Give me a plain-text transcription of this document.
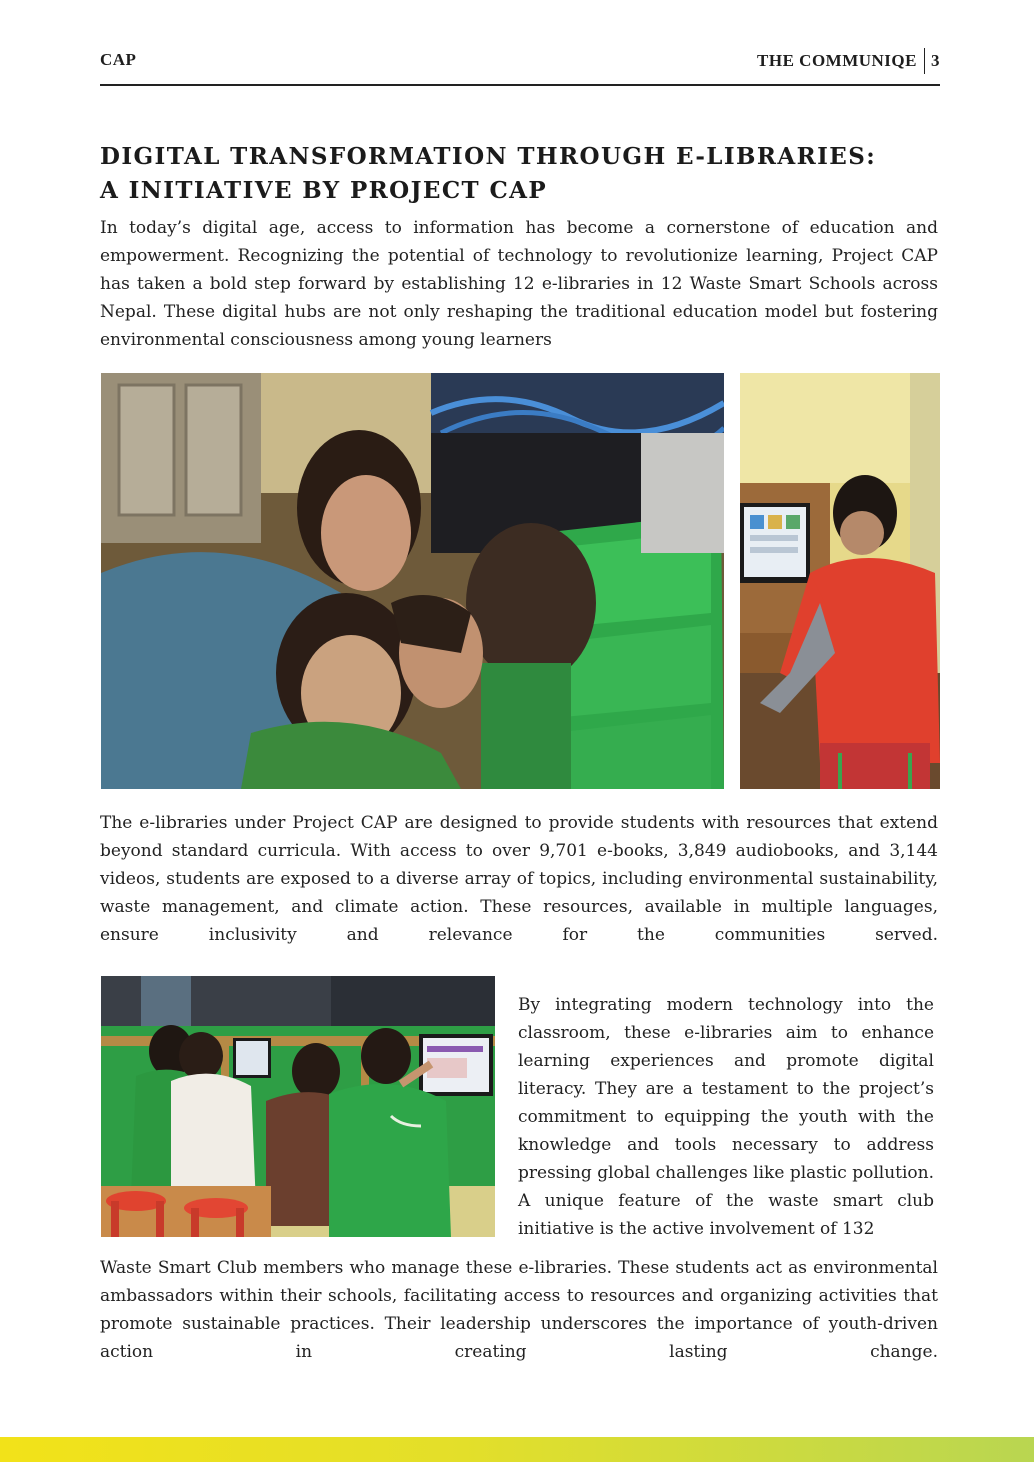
CAP	THE COMMUNIQE 3
DIGITAL TRANSFORMATION THROUGH E-LIBRARIES:
A INITIATIVE BY PROJECT CAP

In today’s digital age, access to information has become a cornerstone of education and empowerment. Recognizing the potential of technology to revolutionize learning, Project CAP has taken a bold step forward by establishing 12 e-libraries in 12 Waste Smart Schools across Nepal. These digital hubs are not only reshaping the traditional education model but fostering environmental consciousness among young learners

The e-libraries under Project CAP are designed to provide students with resources that extend beyond standard curricula. With access to over 9,701 e-books, 3,849 audiobooks, and 3,144 videos, students are exposed to a diverse array of topics, including environmental sustainability, waste management, and climate action. These resources, available in multiple languages, ensure inclusivity and relevance for the communities served.

By integrating modern technology into the classroom, these e-libraries aim to enhance learning experiences and promote digital literacy. They are a testament to the project’s commitment to equipping the youth with the knowledge and tools necessary to address pressing global challenges like plastic pollution. A unique feature of the waste smart club initiative is the active involvement of 132

Waste Smart Club members who manage these e-libraries. These students act as environmental ambassadors within their schools, facilitating access to resources and organizing activities that promote sustainable practices. Their leadership underscores the importance of youth-driven action in creating lasting change.
